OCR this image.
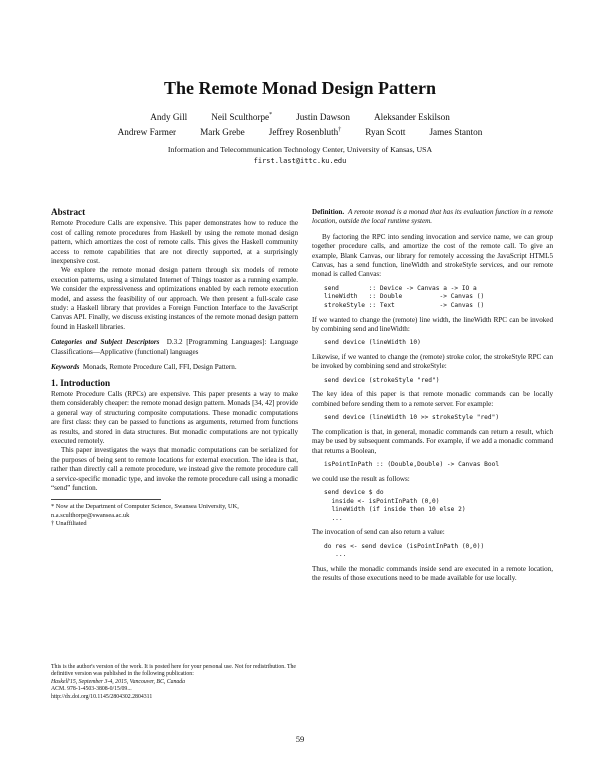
The Remote Monad Design Pattern
Andy Gill	Neil Sculthorpe*	Justin Dawson	Aleksander Eskilson
Andrew Farmer	Mark Grebe	Jeffrey Rosenbluth†	Ryan Scott	James Stanton
Information and Telecommunication Technology Center, University of Kansas, USA
first.last@ittc.ku.edu
Abstract

Remote Procedure Calls are expensive. This paper demonstrates how to reduce the cost of calling remote procedures from Haskell by using the remote monad design pattern, which amortizes the cost of remote calls. This gives the Haskell community access to remote capabilities that are not directly supported, at a surprisingly inexpensive cost.

We explore the remote monad design pattern through six models of remote execution patterns, using a simulated Internet of Things toaster as a running example. We consider the expressiveness and optimizations enabled by each remote execution model, and assess the feasibility of our approach. We then present a full-scale case study: a Haskell library that provides a Foreign Function Interface to the JavaScript Canvas API. Finally, we discuss existing instances of the remote monad design pattern found in Haskell libraries.

Categories and Subject Descriptors D.3.2 [Programming Languages]: Language Classifications—Applicative (functional) languages

Keywords Monads, Remote Procedure Call, FFI, Design Pattern.

1. Introduction

Remote Procedure Calls (RPCs) are expensive. This paper presents a way to make them considerably cheaper: the remote monad design pattern. Monads [34, 42] provide a general way of structuring composite computations. These monadic computations are first class: they can be passed to functions as arguments, returned from functions as results, and stored in data structures. But monadic computations are not typically executed remotely.

This paper investigates the ways that monadic computations can be serialized for the purposes of being sent to remote locations for external execution. The idea is that, rather than directly call a remote procedure, we instead give the remote procedure call a service-specific monadic type, and invoke the remote procedure call using a monadic “send” function.

* Now at the Department of Computer Science, Swansea University, UK, n.a.sculthorpe@swansea.ac.uk

† Unaffiliated

This is the author's version of the work. It is posted here for your personal use. Not for redistribution. The definitive version was published in the following publication:

Haskell'15, September 3-4, 2015, Vancouver, BC, Canada

ACM. 978-1-4503-3808-0/15/09...

http://dx.doi.org/10.1145/2804302.2804311

Definition. A remote monad is a monad that has its evaluation function in a remote location, outside the local runtime system.

By factoring the RPC into sending invocation and service name, we can group together procedure calls, and amortize the cost of the remote call. To give an example, Blank Canvas, our library for remotely accessing the JavaScript HTML5 Canvas, has a send function, lineWidth and strokeStyle services, and our remote monad is called Canvas:

send        :: Device -> Canvas a -> IO a
lineWidth   :: Double          -> Canvas ()
strokeStyle :: Text            -> Canvas ()

If we wanted to change the (remote) line width, the lineWidth RPC can be invoked by combining send and lineWidth:

send device (lineWidth 10)

Likewise, if we wanted to change the (remote) stroke color, the strokeStyle RPC can be invoked by combining send and strokeStyle:

send device (strokeStyle "red")

The key idea of this paper is that remote monadic commands can be locally combined before sending them to a remote server. For example:

send device (lineWidth 10 >> strokeStyle "red")

The complication is that, in general, monadic commands can return a result, which may be used by subsequent commands. For example, if we add a monadic command that returns a Boolean,

isPointInPath :: (Double,Double) -> Canvas Bool

we could use the result as follows:

send device $ do
inside <- isPointInPath (0,0)
lineWidth (if inside then 10 else 2)
...

The invocation of send can also return a value:

do res <- send device (isPointInPath (0,0))
...

Thus, while the monadic commands inside send are executed in a remote location, the results of those executions need to be made available for use locally.

59
